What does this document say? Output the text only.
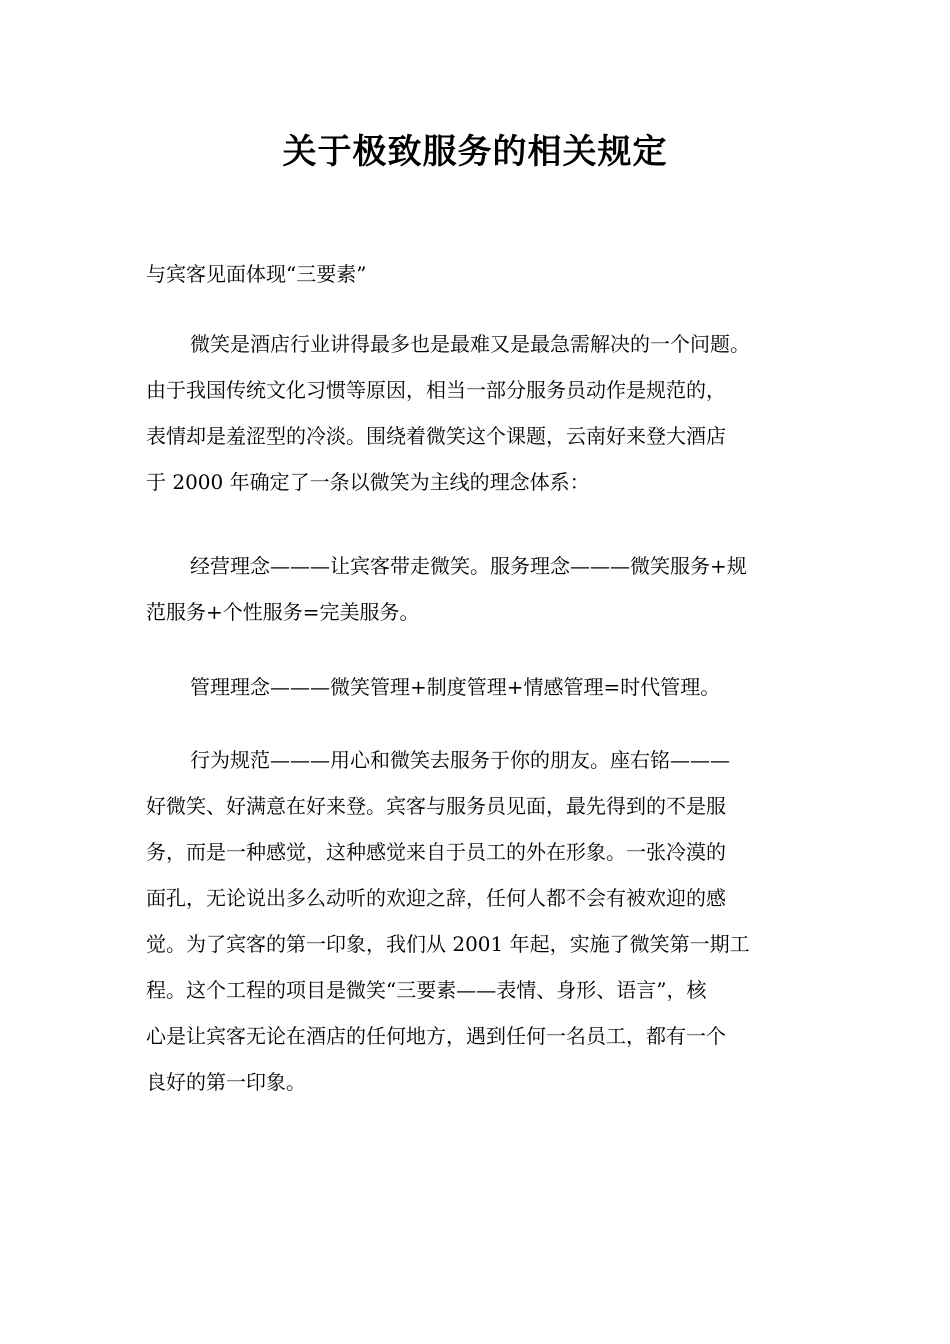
关于极致服务的相关规定
与宾客见面体现“三要素”
微笑是酒店行业讲得最多也是最难又是最急需解决的一个问题。
由于我国传统文化习惯等原因，相当一部分服务员动作是规范的，
表情却是羞涩型的冷淡。围绕着微笑这个课题，云南好来登大酒店
于 2000 年确定了一条以微笑为主线的理念体系：
经营理念———让宾客带走微笑。服务理念———微笑服务+规
范服务+个性服务=完美服务。
管理理念———微笑管理+制度管理+情感管理=时代管理。
行为规范———用心和微笑去服务于你的朋友。座右铭———
好微笑、好满意在好来登。宾客与服务员见面，最先得到的不是服
务，而是一种感觉，这种感觉来自于员工的外在形象。一张冷漠的
面孔，无论说出多么动听的欢迎之辞，任何人都不会有被欢迎的感
觉。为了宾客的第一印象，我们从 2001 年起，实施了微笑第一期工
程。这个工程的项目是微笑“三要素——表情、身形、语言”，核
心是让宾客无论在酒店的任何地方，遇到任何一名员工，都有一个
良好的第一印象。
